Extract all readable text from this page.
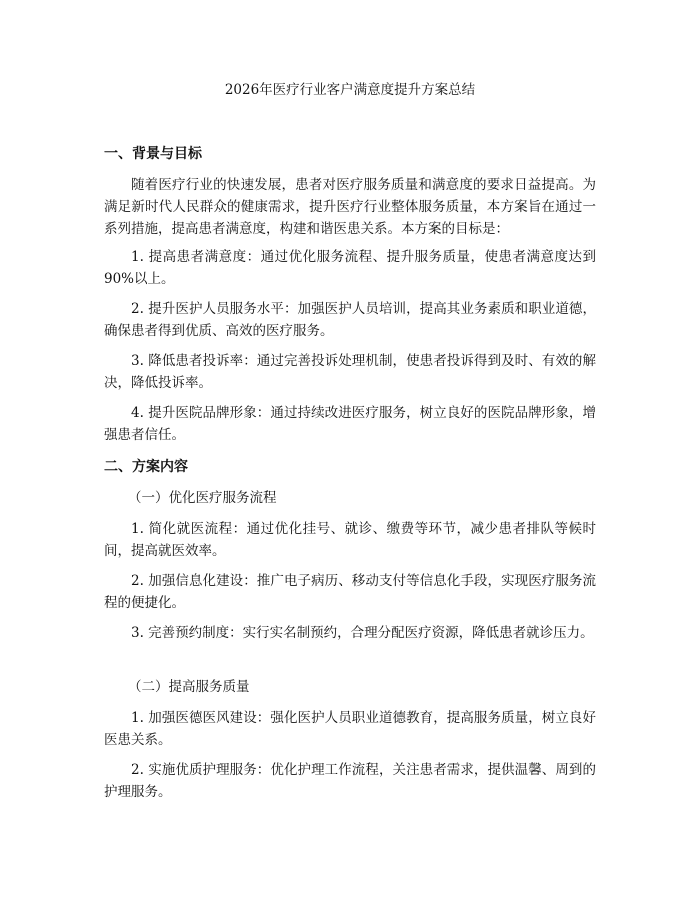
2026年医疗行业客户满意度提升方案总结
一、背景与目标

随着医疗行业的快速发展，患者对医疗服务质量和满意度的要求日益提高。为满足新时代人民群众的健康需求，提升医疗行业整体服务质量，本方案旨在通过一系列措施，提高患者满意度，构建和谐医患关系。本方案的目标是：

1. 提高患者满意度：通过优化服务流程、提升服务质量，使患者满意度达到90%以上。

2. 提升医护人员服务水平：加强医护人员培训，提高其业务素质和职业道德，确保患者得到优质、高效的医疗服务。

3. 降低患者投诉率：通过完善投诉处理机制，使患者投诉得到及时、有效的解决，降低投诉率。

4. 提升医院品牌形象：通过持续改进医疗服务，树立良好的医院品牌形象，增强患者信任。

二、方案内容
（一）优化医疗服务流程

1. 简化就医流程：通过优化挂号、就诊、缴费等环节，减少患者排队等候时间，提高就医效率。

2. 加强信息化建设：推广电子病历、移动支付等信息化手段，实现医疗服务流程的便捷化。

3. 完善预约制度：实行实名制预约，合理分配医疗资源，降低患者就诊压力。

（二）提高服务质量

1. 加强医德医风建设：强化医护人员职业道德教育，提高服务质量，树立良好医患关系。

2. 实施优质护理服务：优化护理工作流程，关注患者需求，提供温馨、周到的护理服务。
